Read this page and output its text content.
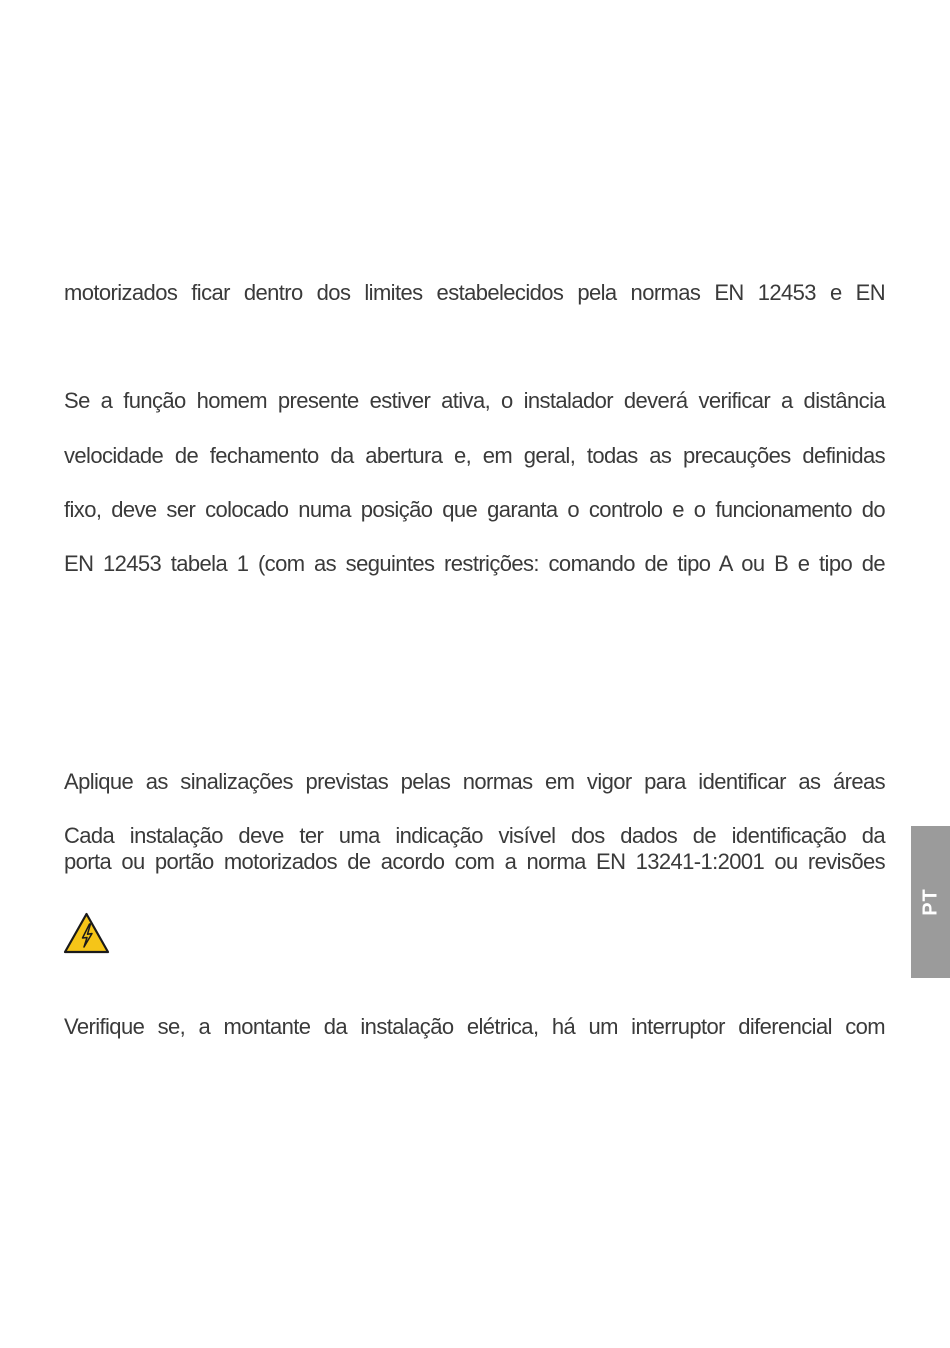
motorizados ficar dentro dos limites estabelecidos pela normas EN 12453 e EN
Se a função homem presente estiver ativa, o instalador deverá verificar a distância
velocidade de fechamento da abertura e, em geral, todas as precauções definidas
fixo, deve ser colocado numa posição que garanta o controlo e o funcionamento do
EN 12453 tabela 1 (com as seguintes restrições: comando de tipo A ou B e tipo de
Aplique as sinalizações previstas pelas normas em vigor para identificar as áreas
Cada instalação deve ter uma indicação visível dos dados de identificação da
porta ou portão motorizados de acordo com a norma EN 13241-1:2001 ou revisões
Verifique se, a montante da instalação elétrica, há um interruptor diferencial com
PT
